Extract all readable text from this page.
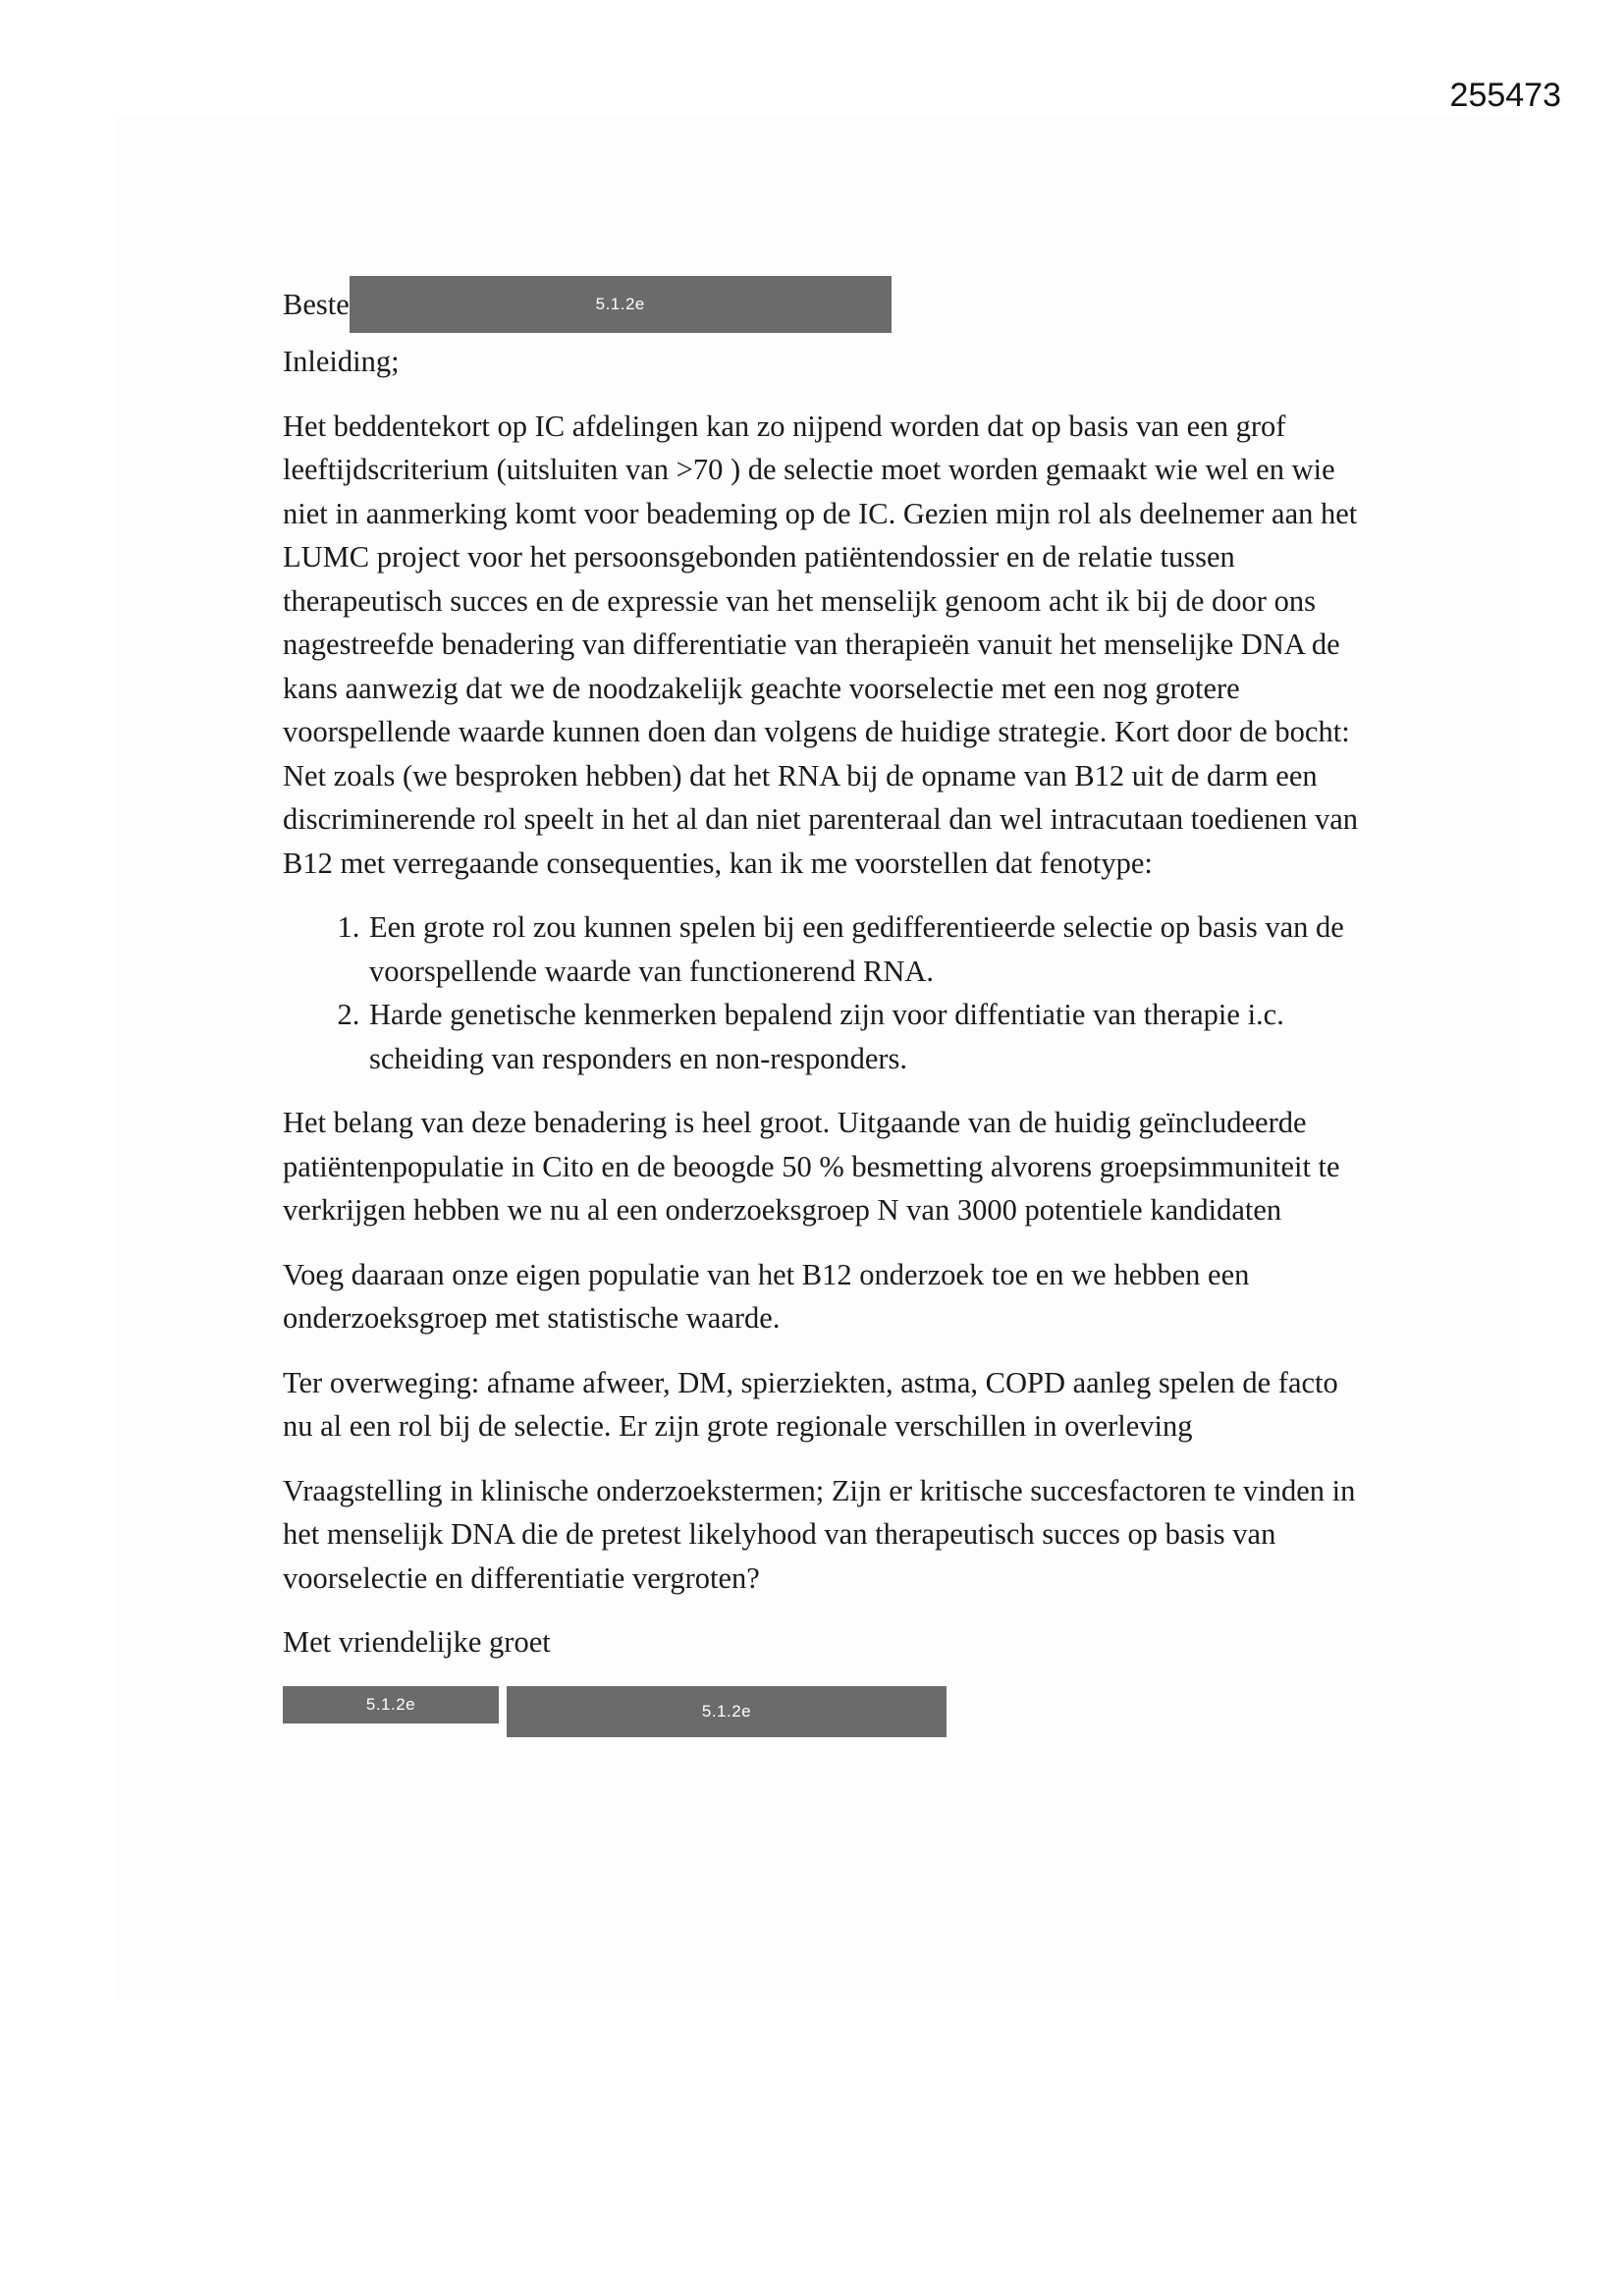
255473
Beste	5.1.2e
Inleiding;

Het beddentekort op IC afdelingen kan zo nijpend worden dat op basis van een grof leeftijdscriterium (uitsluiten van >70 ) de selectie moet worden gemaakt wie wel en wie niet in aanmerking komt voor beademing op de IC. Gezien mijn rol als deelnemer aan het LUMC project voor het persoonsgebonden patiëntendossier en de relatie tussen therapeutisch succes en de expressie van het menselijk genoom acht ik bij de door ons nagestreefde benadering van differentiatie van therapieën vanuit het menselijke DNA de kans aanwezig dat we de noodzakelijk geachte voorselectie met een nog grotere voorspellende waarde kunnen doen dan volgens de huidige strategie. Kort door de bocht: Net zoals (we besproken hebben) dat het RNA bij de opname van B12 uit de darm een discriminerende rol speelt in het al dan niet parenteraal dan wel intracutaan toedienen van B12 met verregaande consequenties, kan ik me voorstellen dat fenotype:

1. Een grote rol zou kunnen spelen bij een gedifferentieerde selectie op basis van de voorspellende waarde van functionerend RNA.
2. Harde genetische kenmerken bepalend zijn voor diffentiatie van therapie i.c. scheiding van responders en non-responders.

Het belang van deze benadering is heel groot. Uitgaande van de huidig geïncludeerde patiëntenpopulatie in Cito en de beoogde 50 % besmetting alvorens groepsimmuniteit te verkrijgen hebben we nu al een onderzoeksgroep N van 3000 potentiele kandidaten

Voeg daaraan onze eigen populatie van het B12 onderzoek toe en we hebben een onderzoeksgroep met statistische waarde.

Ter overweging: afname afweer, DM, spierziekten, astma, COPD aanleg spelen de facto nu al een rol bij de selectie. Er zijn grote regionale verschillen in overleving

Vraagstelling in klinische onderzoekstermen; Zijn er kritische succesfactoren te vinden in het menselijk DNA die de pretest likelyhood van therapeutisch succes op basis van voorselectie en differentiatie vergroten?

Met vriendelijke groet
5.1.2e	5.1.2e
